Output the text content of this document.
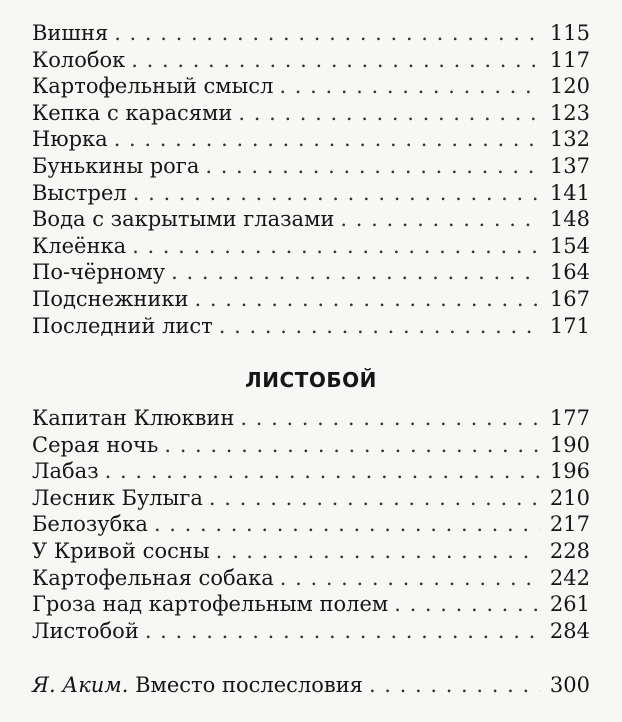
Вишня . . .	115
Колобок . . .	117
Картофельный смысл . . .	120
Кепка с карасями . . .	123
Нюрка . . .	132
Бунькины рога . . .	137
Выстрел . . .	141
Вода с закрытыми глазами . . .	148
Клеёнка . . .	154
По-чёрному . . .	164
Подснежники . . .	167
Последний лист . . .	171
ЛИСТОБОЙ
Капитан Клюквин . . .	177
Серая ночь . . .	190
Лабаз . . .	196
Лесник Булыга . . .	210
Белозубка . . .	217
У Кривой сосны . . .	228
Картофельная собака . . .	242
Гроза над картофельным полем . . .	261
Листобой . . .	284
Я. Аким. Вместо послесловия . . .	300
